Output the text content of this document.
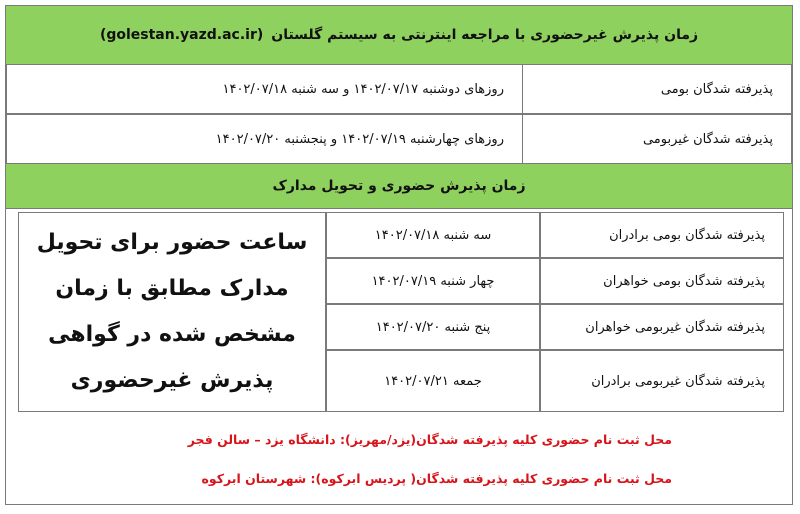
زمان پذیرش غیرحضوری با مراجعه اینترنتی به سیستم گلستان
(golestan.yazd.ac.ir)
پذیرفته شدگان بومی
روزهای دوشنبه ۱۴۰۲/۰۷/۱۷ و سه شنبه ۱۴۰۲/۰۷/۱۸
پذیرفته شدگان غیربومی
روزهای چهارشنبه ۱۴۰۲/۰۷/۱۹ و پنجشنبه ۱۴۰۲/۰۷/۲۰
زمان پذیرش حضوری و تحویل مدارک
پذیرفته شدگان بومی برادران
سه شنبه ۱۴۰۲/۰۷/۱۸
پذیرفته شدگان بومی خواهران
چهار شنبه ۱۴۰۲/۰۷/۱۹
پذیرفته شدگان غیربومی خواهران
پنج شنبه ۱۴۰۲/۰۷/۲۰
پذیرفته شدگان غیربومی برادران
جمعه ۱۴۰۲/۰۷/۲۱
ساعت حضور برای تحویل
مدارک مطابق با زمان
مشخص شده در گواهی
پذیرش غیرحضوری
محل ثبت نام حضوری کلیه پذیرفته شدگان(یزد/مهریز): دانشگاه یزد – سالن فجر
محل ثبت نام حضوری کلیه پذیرفته شدگان( پردیس ابرکوه): شهرستان ابرکوه
